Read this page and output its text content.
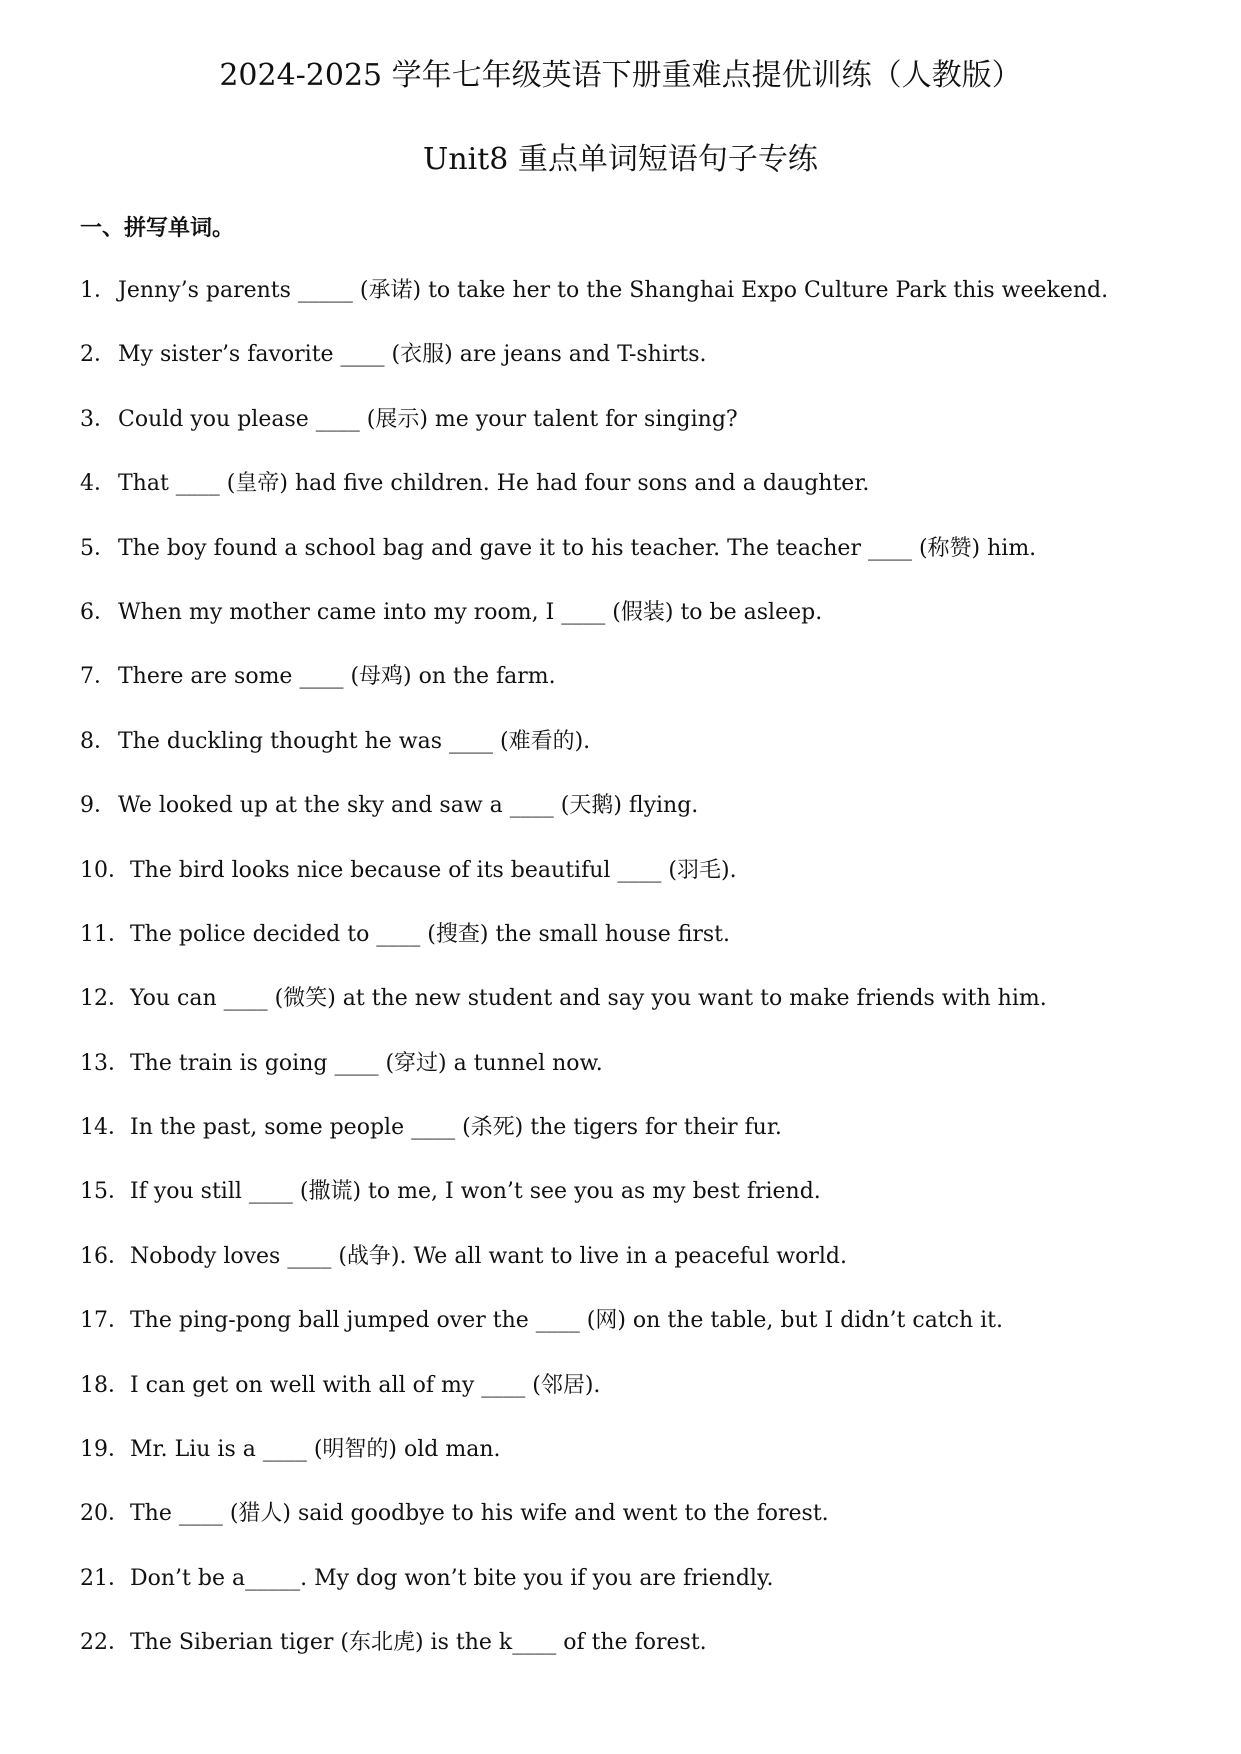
2024-2025 学年七年级英语下册重难点提优训练（人教版）
Unit8 重点单词短语句子专练
一、拼写单词。
1．Jenny’s parents _____ (承诺) to take her to the Shanghai Expo Culture Park this weekend.
2．My sister’s favorite ____ (衣服) are jeans and T-shirts.
3．Could you please ____ (展示) me your talent for singing?
4．That ____ (皇帝) had five children. He had four sons and a daughter.
5．The boy found a school bag and gave it to his teacher. The teacher ____ (称赞) him.
6．When my mother came into my room, I ____ (假装) to be asleep.
7．There are some ____ (母鸡) on the farm.
8．The duckling thought he was ____ (难看的).
9．We looked up at the sky and saw a ____ (天鹅) flying.
10．The bird looks nice because of its beautiful ____ (羽毛).
11．The police decided to ____ (搜查) the small house first.
12．You can ____ (微笑) at the new student and say you want to make friends with him.
13．The train is going ____ (穿过) a tunnel now.
14．In the past, some people ____ (杀死) the tigers for their fur.
15．If you still ____ (撒谎) to me, I won’t see you as my best friend.
16．Nobody loves ____ (战争). We all want to live in a peaceful world.
17．The ping-pong ball jumped over the ____ (网) on the table, but I didn’t catch it.
18．I can get on well with all of my ____ (邻居).
19．Mr. Liu is a ____ (明智的) old man.
20．The ____ (猎人) said goodbye to his wife and went to the forest.
21．Don’t be a_____. My dog won’t bite you if you are friendly.
22．The Siberian tiger (东北虎) is the k____ of the forest.
